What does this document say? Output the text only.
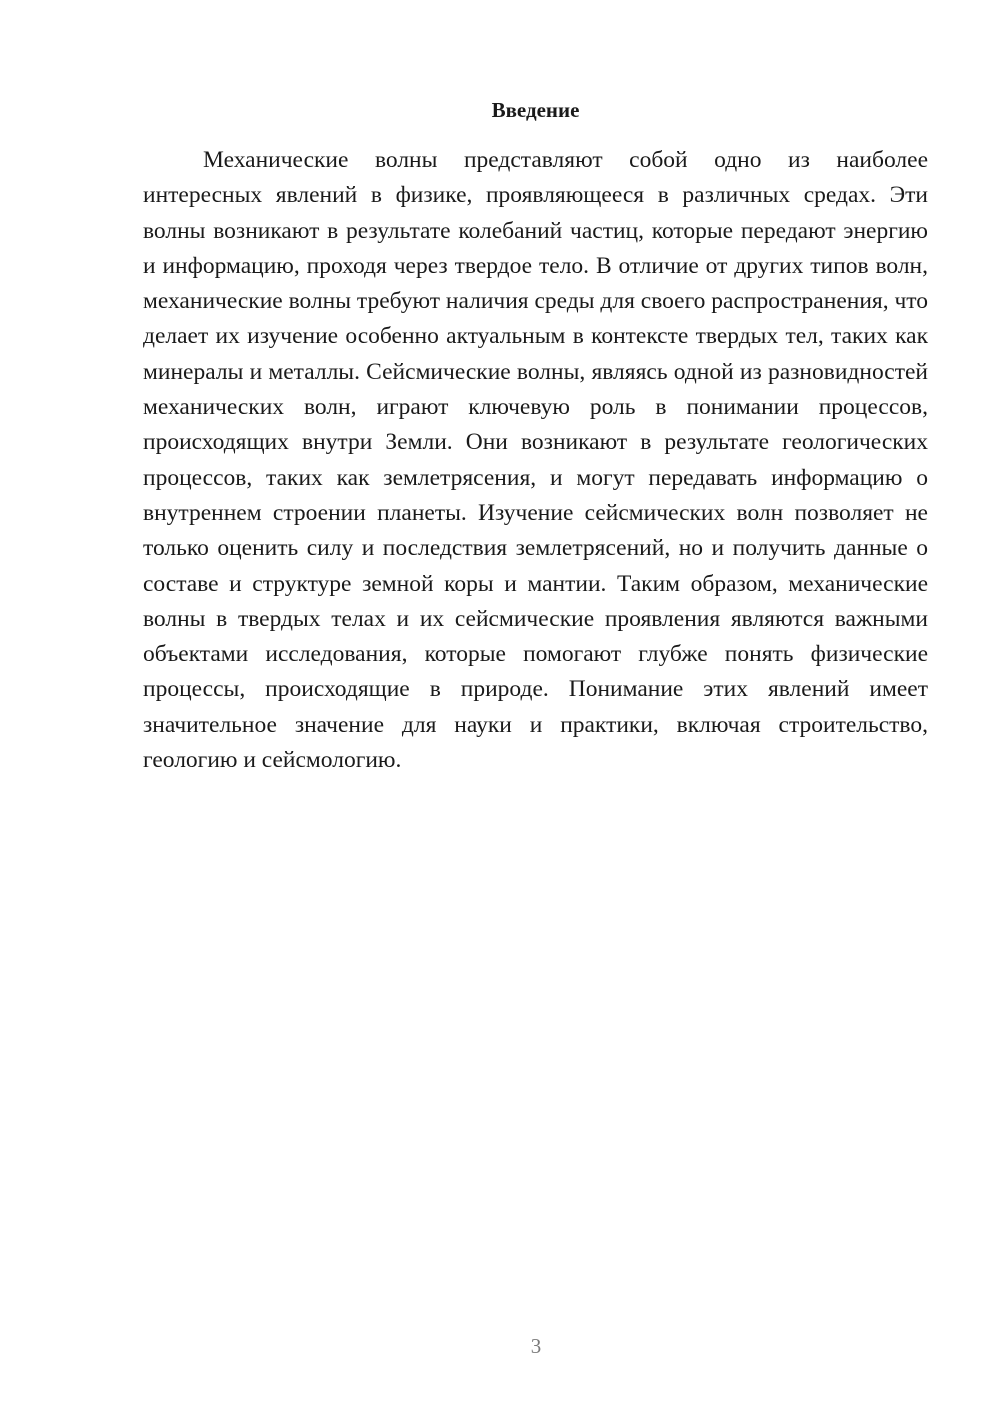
Введение

Механические волны представляют собой одно из наиболее интересных явлений в физике, проявляющееся в различных средах. Эти волны возникают в результате колебаний частиц, которые передают энергию и информацию, проходя через твердое тело. В отличие от других типов волн, механические волны требуют наличия среды для своего распространения, что делает их изучение особенно актуальным в контексте твердых тел, таких как минералы и металлы. Сейсмические волны, являясь одной из разновидностей механических волн, играют ключевую роль в понимании процессов, происходящих внутри Земли. Они возникают в результате геологических процессов, таких как землетрясения, и могут передавать информацию о внутреннем строении планеты. Изучение сейсмических волн позволяет не только оценить силу и последствия землетрясений, но и получить данные о составе и структуре земной коры и мантии. Таким образом, механические волны в твердых телах и их сейсмические проявления являются важными объектами исследования, которые помогают глубже понять физические процессы, происходящие в природе. Понимание этих явлений имеет значительное значение для науки и практики, включая строительство, геологию и сейсмологию.

3
